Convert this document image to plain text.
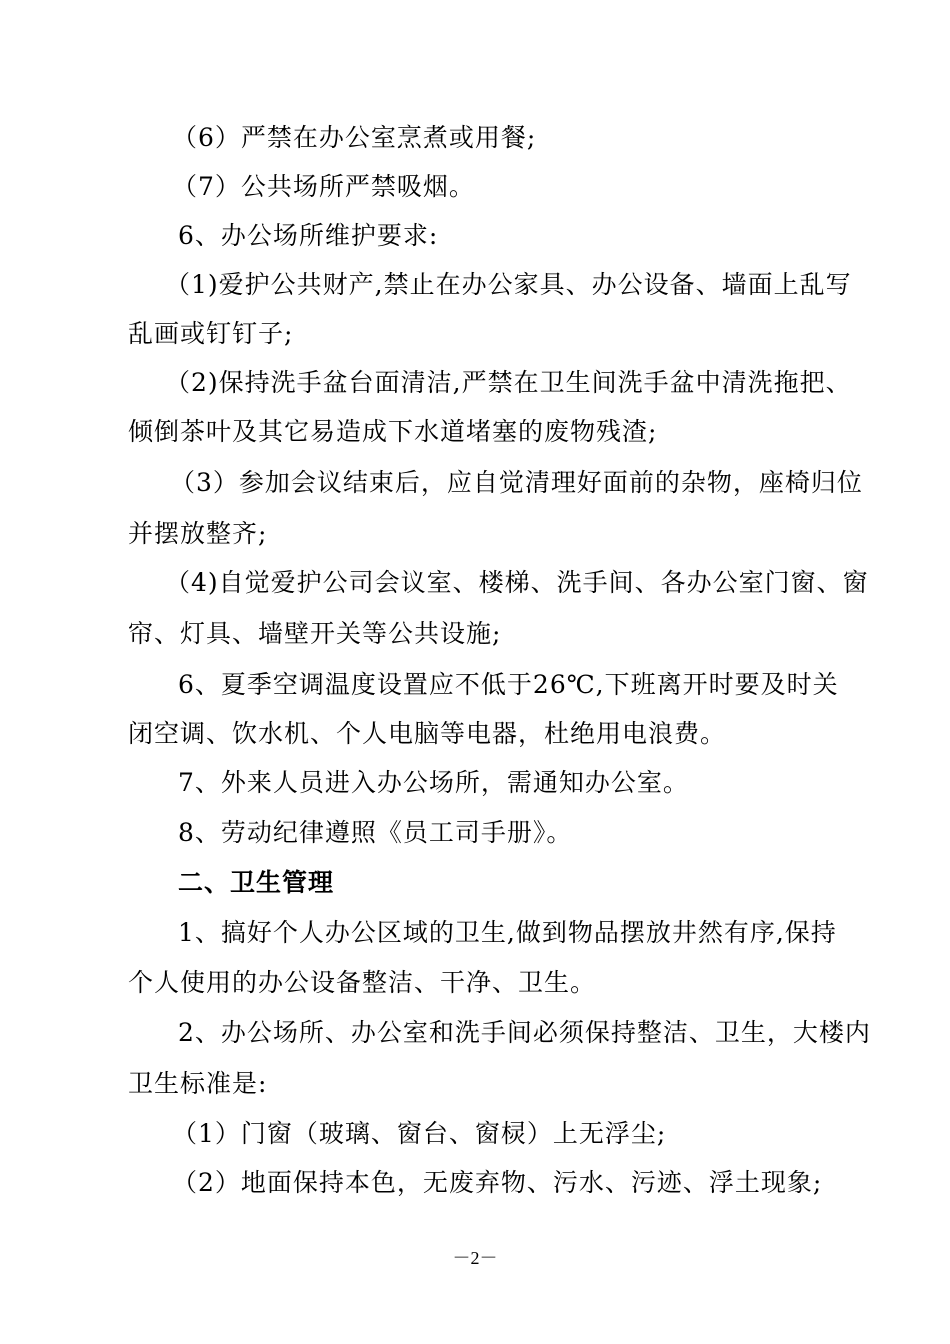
（6）严禁在办公室烹煮或用餐;
（7）公共场所严禁吸烟。
6、办公场所维护要求:
（1)爱护公共财产,禁止在办公家具、办公设备、墙面上乱写
乱画或钉钉子;
（2)保持洗手盆台面清洁,严禁在卫生间洗手盆中清洗拖把、
倾倒茶叶及其它易造成下水道堵塞的废物残渣;
（3）参加会议结束后，应自觉清理好面前的杂物，座椅归位
并摆放整齐;
（4)自觉爱护公司会议室、楼梯、洗手间、各办公室门窗、窗
帘、灯具、墙壁开关等公共设施;
6、夏季空调温度设置应不低于26℃,下班离开时要及时关
闭空调、饮水机、个人电脑等电器，杜绝用电浪费。
7、外来人员进入办公场所，需通知办公室。
8、劳动纪律遵照《员工司手册》。
二、卫生管理
1、搞好个人办公区域的卫生,做到物品摆放井然有序,保持
个人使用的办公设备整洁、干净、卫生。
2、办公场所、办公室和洗手间必须保持整洁、卫生，大楼内
卫生标准是:
（1）门窗（玻璃、窗台、窗棂）上无浮尘;
（2）地面保持本色，无废弃物、污水、污迹、浮土现象;
－2－
